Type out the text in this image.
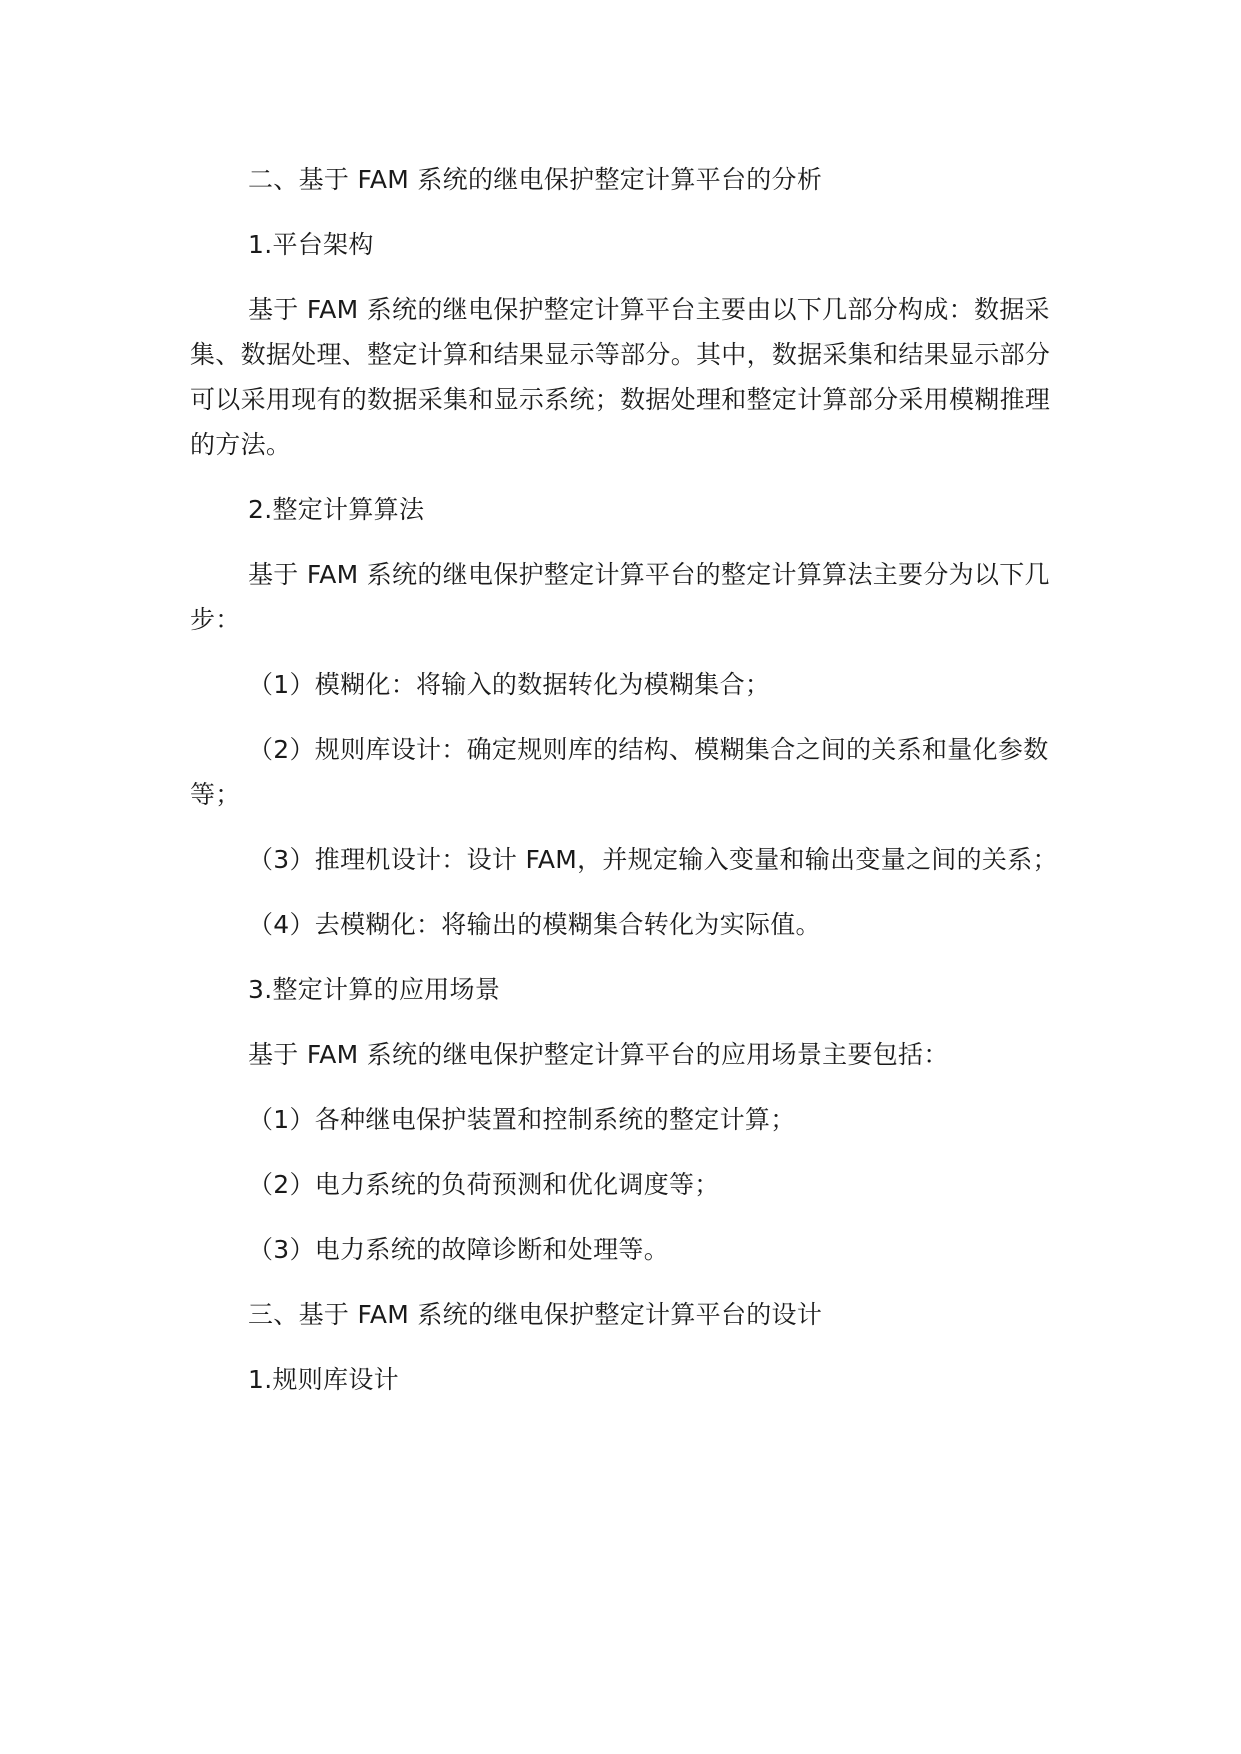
二、基于 FAM 系统的继电保护整定计算平台的分析

1.平台架构

基于 FAM 系统的继电保护整定计算平台主要由以下几部分构成：数据采集、数据处理、整定计算和结果显示等部分。其中，数据采集和结果显示部分可以采用现有的数据采集和显示系统；数据处理和整定计算部分采用模糊推理的方法。

2.整定计算算法

基于 FAM 系统的继电保护整定计算平台的整定计算算法主要分为以下几步：

（1）模糊化：将输入的数据转化为模糊集合；

（2）规则库设计：确定规则库的结构、模糊集合之间的关系和量化参数等；

（3）推理机设计：设计 FAM，并规定输入变量和输出变量之间的关系；

（4）去模糊化：将输出的模糊集合转化为实际值。

3.整定计算的应用场景

基于 FAM 系统的继电保护整定计算平台的应用场景主要包括：

（1）各种继电保护装置和控制系统的整定计算；

（2）电力系统的负荷预测和优化调度等；

（3）电力系统的故障诊断和处理等。

三、基于 FAM 系统的继电保护整定计算平台的设计

1.规则库设计
